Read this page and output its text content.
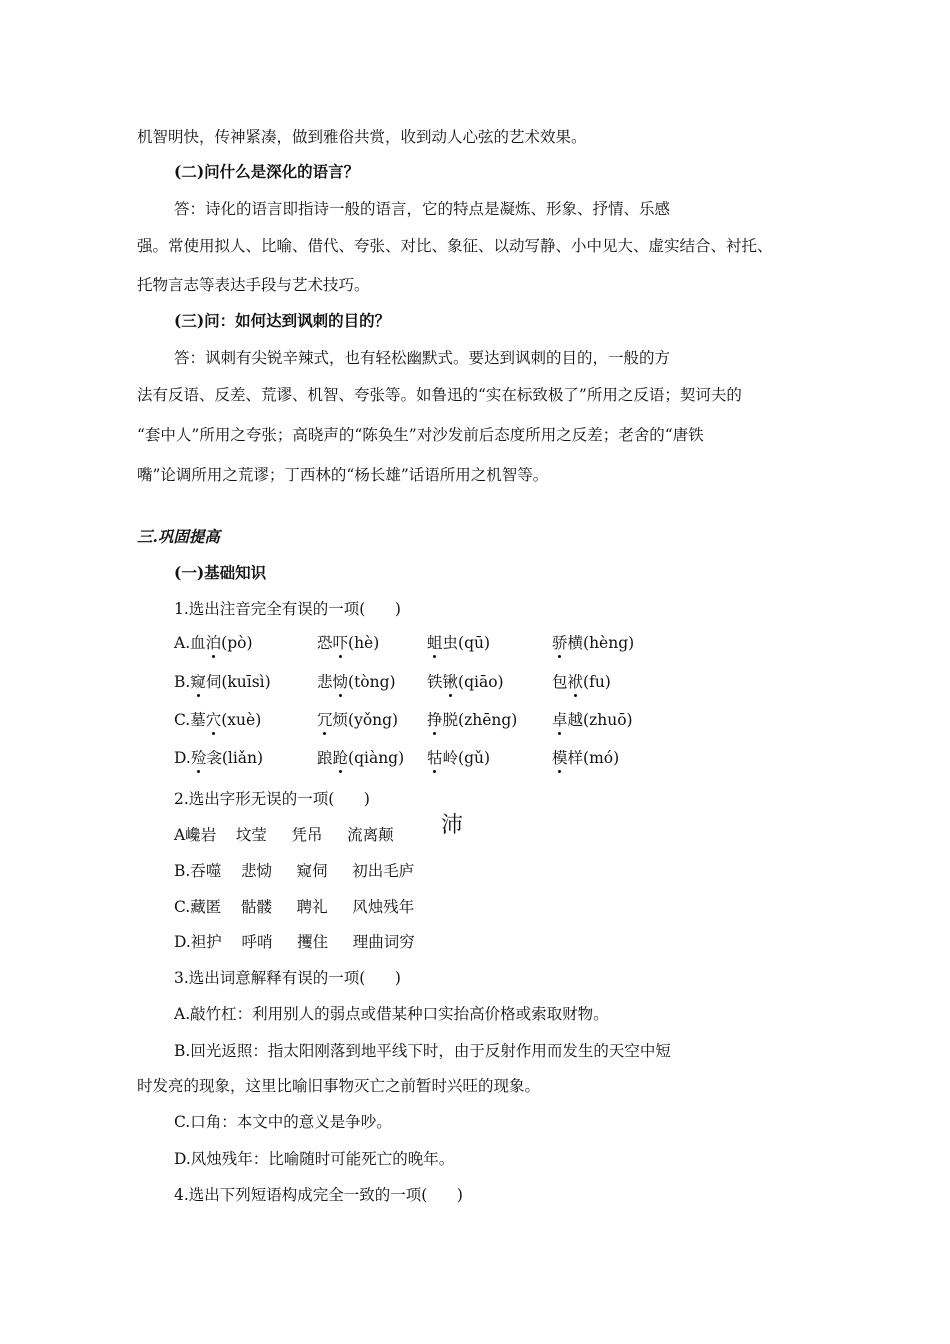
机智明快，传神紧凑，做到雅俗共赏，收到动人心弦的艺术效果。
(二)问什么是深化的语言？
答：诗化的语言即指诗一般的语言，它的特点是凝炼、形象、抒情、乐感
强。常使用拟人、比喻、借代、夸张、对比、象征、以动写静、小中见大、虚实结合、衬托、
托物言志等表达手段与艺术技巧。
(三)问：如何达到讽刺的目的？
答：讽刺有尖锐辛辣式，也有轻松幽默式。要达到讽刺的目的，一般的方
法有反语、反差、荒谬、机智、夸张等。如鲁迅的“实在标致极了”所用之反语；契诃夫的
“套中人”所用之夸张；高晓声的“陈奂生”对沙发前后态度所用之反差；老舍的“唐铁
嘴”论调所用之荒谬；丁西林的“杨长雄”话语所用之机智等。
三.巩固提高
(一)基础知识
1.选出注音完全有误的一项(      )
A.血泊(pò)	恐吓(hè)	蛆虫(qū)	骄横(hèng)
B.窥伺(kuīsì)	悲恸(tòng) 铁锹(qiāo)	包袱(fu)
C.墓穴(xuè)	冗烦(yǒng) 挣脱(zhēng) 卓越(zhuō)
D.殓衾(liǎn)	踉跄(qiàng) 牯岭(gǔ)	模样(mó)
2.选出字形无误的一项(      )
沛
A巉岩    坟莹     凭吊     流离颠
B.吞噬    悲恸     窥伺     初出毛庐
C.藏匿    骷髅     聘礼     风烛残年
D.袒护    呼哨     攫住     理曲词穷
3.选出词意解释有误的一项(      )
A.敲竹杠：利用别人的弱点或借某种口实抬高价格或索取财物。
B.回光返照：指太阳刚落到地平线下时，由于反射作用而发生的天空中短
时发亮的现象，这里比喻旧事物灭亡之前暂时兴旺的现象。
C.口角：本文中的意义是争吵。
D.风烛残年：比喻随时可能死亡的晚年。
4.选出下列短语构成完全一致的一项(      )
